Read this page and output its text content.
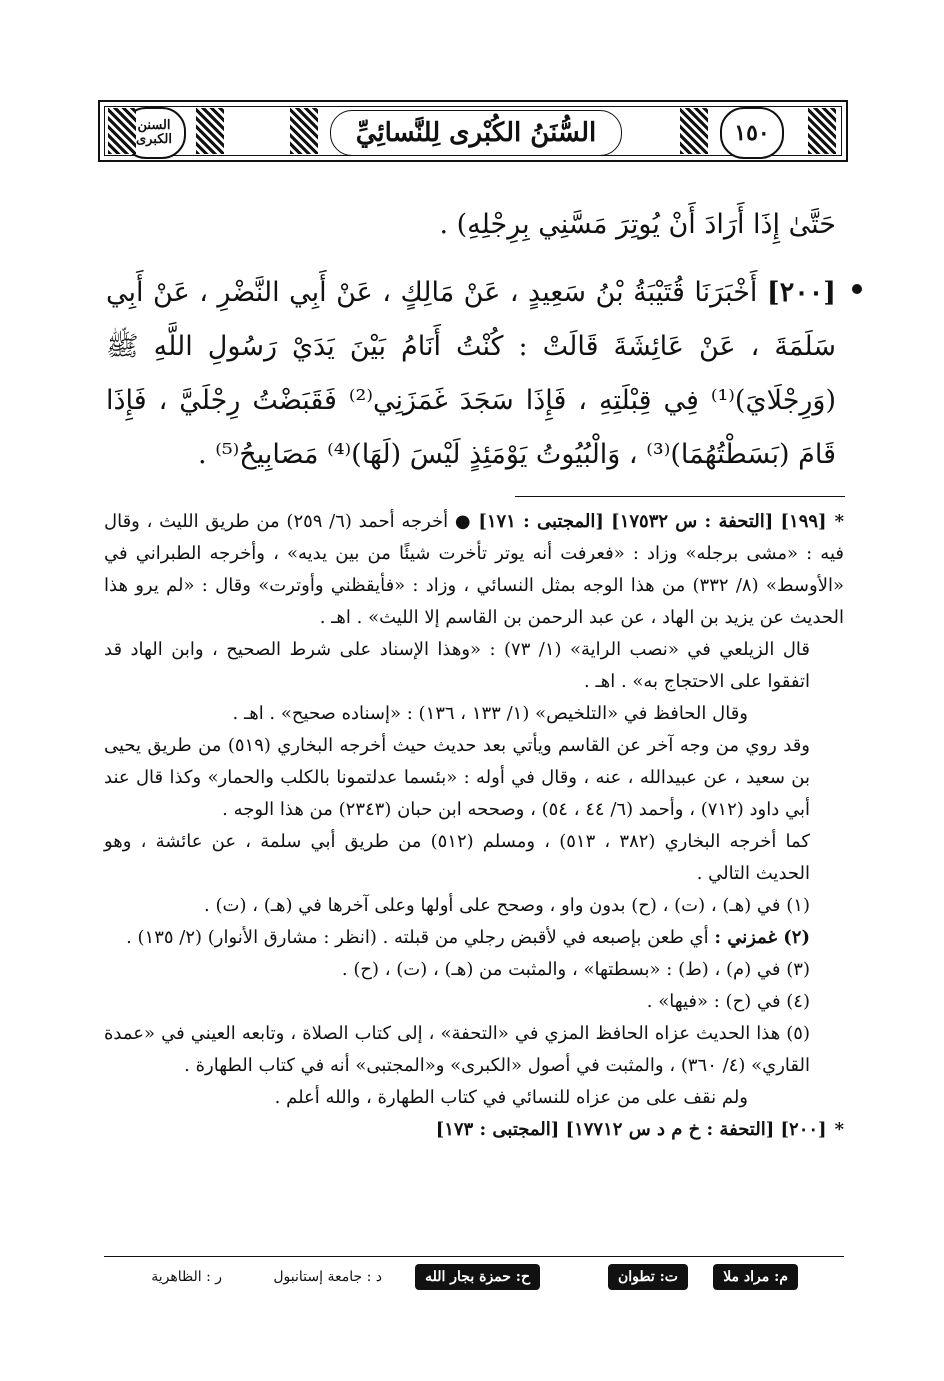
١٥٠
السُّنَنُ الكُبْرى لِلنَّسائِيِّ
السنن الكبرى
حَتَّىٰ إِذَا أَرَادَ أَنْ يُوتِرَ مَسَّنِي بِرِجْلِهِ) .
[٢٠٠] أَخْبَرَنَا قُتَيْبَةُ بْنُ سَعِيدٍ ، عَنْ مَالِكٍ ، عَنْ أَبِي النَّضْرِ ، عَنْ أَبِي سَلَمَةَ ، عَنْ عَائِشَةَ قَالَتْ : كُنْتُ أَنَامُ بَيْنَ يَدَيْ رَسُولِ اللَّهِ ﷺ (وَرِجْلَايَ)⁽¹⁾ فِي قِبْلَتِهِ ، فَإِذَا سَجَدَ غَمَزَنِي⁽²⁾ فَقَبَضْتُ رِجْلَيَّ ، فَإِذَا قَامَ (بَسَطْتُهُمَا)⁽³⁾ ، وَالْبُيُوتُ يَوْمَئِذٍ لَيْسَ (لَهَا)⁽⁴⁾ مَصَابِيحُ⁽⁵⁾ .

*[١٩٩] [التحفة : س ١٧٥٣٢] [المجتبى : ١٧١] ● أخرجه أحمد (٦/ ٢٥٩) من طريق الليث ، وقال فيه : «مشى برجله» وزاد : «فعرفت أنه يوتر تأخرت شيئًا من بين يديه» ، وأخرجه الطبراني في «الأوسط» (٨/ ٣٣٢) من هذا الوجه بمثل النسائي ، وزاد : «فأيقظني وأوترت» وقال : «لم يرو هذا الحديث عن يزيد بن الهاد ، عن عبد الرحمن بن القاسم إلا الليث» . اهـ .

قال الزيلعي في «نصب الراية» (١/ ٧٣) : «وهذا الإسناد على شرط الصحيح ، وابن الهاد قد اتفقوا على الاحتجاج به» . اهـ .

وقال الحافظ في «التلخيص» (١/ ١٣٣ ، ١٣٦) : «إسناده صحيح» . اهـ .

وقد روي من وجه آخر عن القاسم ويأتي بعد حديث حيث أخرجه البخاري (٥١٩) من طريق يحيى بن سعيد ، عن عبيدالله ، عنه ، وقال في أوله : «بئسما عدلتمونا بالكلب والحمار» وكذا قال عند أبي داود (٧١٢) ، وأحمد (٦/ ٤٤ ، ٥٤) ، وصححه ابن حبان (٢٣٤٣) من هذا الوجه .

كما أخرجه البخاري (٣٨٢ ، ٥١٣) ، ومسلم (٥١٢) من طريق أبي سلمة ، عن عائشة ، وهو الحديث التالي .

(١) في (هـ) ، (ت) ، (ح) بدون واو ، وصحح على أولها وعلى آخرها في (هـ) ، (ت) .

(٢) غمزني : أي طعن بإصبعه في لأقبض رجلي من قبلته . (انظر : مشارق الأنوار) (٢/ ١٣٥) .

(٣) في (م) ، (ط) : «بسطتها» ، والمثبت من (هـ) ، (ت) ، (ح) .

(٤) في (ح) : «فيها» .

(٥) هذا الحديث عزاه الحافظ المزي في «التحفة» ، إلى كتاب الصلاة ، وتابعه العيني في «عمدة القاري» (٤/ ٣٦٠) ، والمثبت في أصول «الكبرى» و«المجتبى» أنه في كتاب الطهارة .

ولم نقف على من عزاه للنسائي في كتاب الطهارة ، والله أعلم .

*[٢٠٠] [التحفة : خ م د س ١٧٧١٢] [المجتبى : ١٧٣]

م: مراد ملا
ت: تطوان
ح: حمزة بجار الله
د : جامعة إستانبول
ر : الظاهرية
